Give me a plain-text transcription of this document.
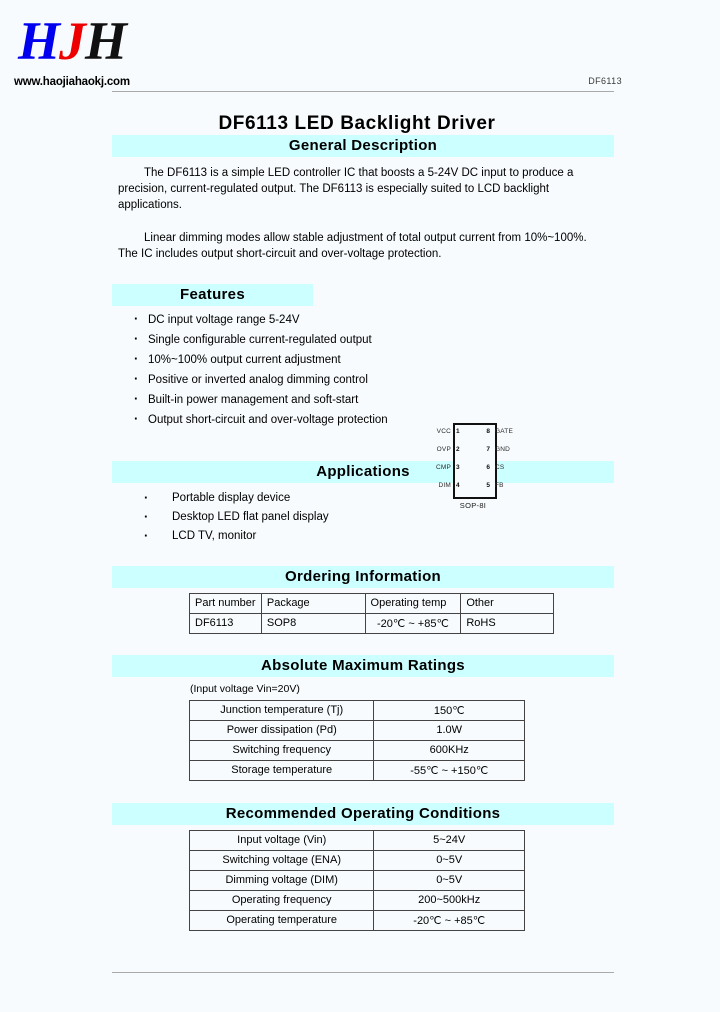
HJH
www.haojiahaokj.com	DF6113
DF6113 LED Backlight Driver
General Description

The DF6113 is a simple LED controller IC that boosts a 5-24V DC input to produce a precision, current-regulated output. The DF6113 is especially suited to LCD backlight applications.

Linear dimming modes allow stable adjustment of total output current from 10%~100%. The IC includes output short-circuit and over-voltage protection.

Features
· DC input voltage range 5-24V
· Single configurable current-regulated output
· 10%~100% output current adjustment
· Positive or inverted analog dimming control
· Built-in power management and soft-start
· Output short-circuit and over-voltage protection
VCC 1	8 GATE
OVP 2	7 GND
CMP 3	6 CS
DIM 4	5 FB
SOP-8I
Applications
· Portable display device
· Desktop LED flat panel display
· LCD TV, monitor
Ordering Information
Part number	Package	Operating temp	Other
DF6113	SOP8	-20℃ ~ +85℃	RoHS
Absolute Maximum Ratings
(Input voltage Vin=20V)
Junction temperature (Tj)	150℃
Power dissipation (Pd)	1.0W
Switching frequency	600KHz
Storage temperature	-55℃ ~ +150℃
Recommended Operating Conditions
Input voltage (Vin)	5~24V
Switching voltage (ENA)	0~5V
Dimming voltage (DIM)	0~5V
Operating frequency	200~500kHz
Operating temperature	-20℃ ~ +85℃
